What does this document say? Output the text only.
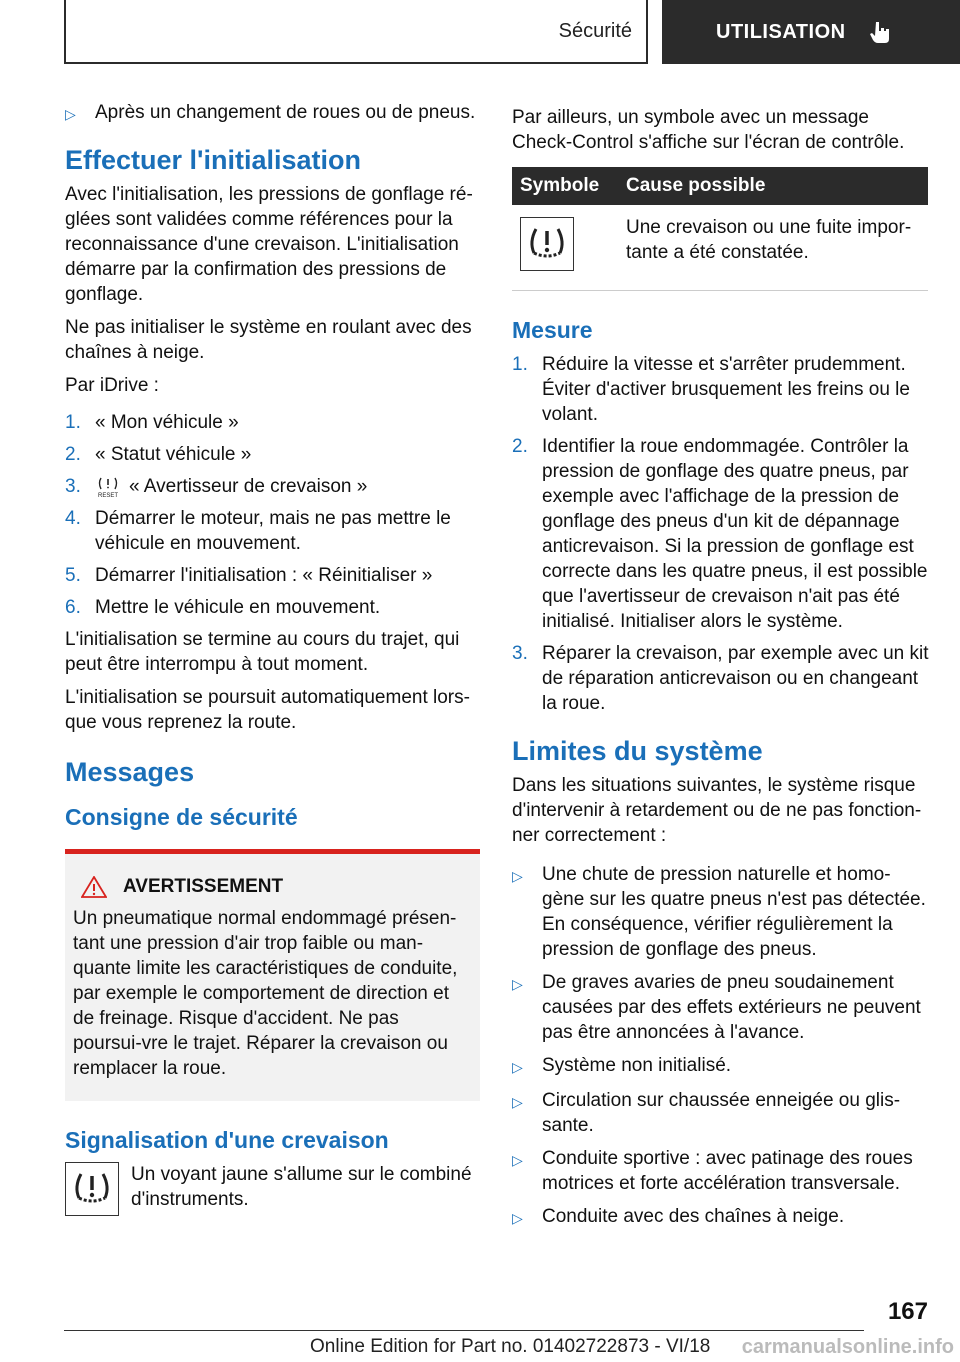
Sécurité	UTILISATION
▷	Après un changement de roues ou de pneus.
Effectuer l'initialisation

Avec l'initialisation, les pressions de gonflage ré‐glées sont validées comme références pour la reconnaissance d'une crevaison. L'initialisation démarre par la confirmation des pressions de gonflage.

Ne pas initialiser le système en roulant avec des chaînes à neige.

Par iDrive :

1. « Mon véhicule »
2. « Statut véhicule »
3.	RESET « Avertisseur de crevaison »
4. Démarrer le moteur, mais ne pas mettre le véhicule en mouvement.
5. Démarrer l'initialisation : « Réinitialiser »
6. Mettre le véhicule en mouvement.

L'initialisation se termine au cours du trajet, qui peut être interrompu à tout moment.

L'initialisation se poursuit automatiquement lors‐que vous reprenez la route.

Messages
Consigne de sécurité
AVERTISSEMENT

Un pneumatique normal endommagé présen‐tant une pression d'air trop faible ou man‐quante limite les caractéristiques de conduite, par exemple le comportement de direction et de freinage. Risque d'accident. Ne pas poursui‐vre le trajet. Réparer la crevaison ou remplacer la roue.

Signalisation d'une crevaison

Un voyant jaune s'allume sur le combiné d'instruments.

Par ailleurs, un symbole avec un message Check-Control s'affiche sur l'écran de contrôle.

Symbole	Cause possible
	Une crevaison ou une fuite impor‐tante a été constatée.
Mesure
1. Réduire la vitesse et s'arrêter prudemment. Éviter d'activer brusquement les freins ou le volant.
2. Identifier la roue endommagée. Contrôler la pression de gonflage des quatre pneus, par exemple avec l'affichage de la pression de gonflage des pneus d'un kit de dépannage anticrevaison. Si la pression de gonflage est correcte dans les quatre pneus, il est possible que l'avertisseur de crevaison n'ait pas été initialisé. Initialiser alors le système.
3. Réparer la crevaison, par exemple avec un kit de réparation anticrevaison ou en changeant la roue.
Limites du système

Dans les situations suivantes, le système risque d'intervenir à retardement ou de ne pas fonction‐ner correctement :

▷	Une chute de pression naturelle et homo‐gène sur les quatre pneus n'est pas détectée. En conséquence, vérifier régulièrement la pression de gonflage des pneus.
▷	De graves avaries de pneu soudainement causées par des effets extérieurs ne peuvent pas être annoncées à l'avance.
▷	Système non initialisé.
▷	Circulation sur chaussée enneigée ou glis‐sante.
▷	Conduite sportive : avec patinage des roues motrices et forte accélération transversale.
▷	Conduite avec des chaînes à neige.
167
Online Edition for Part no. 01402722873 - VI/18 carmanualsonline.info
